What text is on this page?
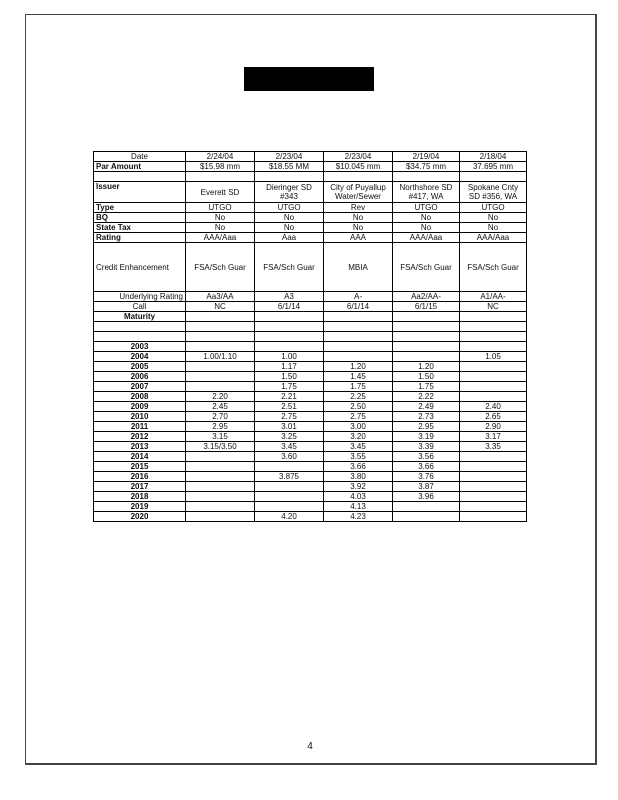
Date	2/24/04	2/23/04	2/23/04	2/19/04	2/18/04
Par Amount	$15.98 mm	$18.55 MM	$10.045 mm	$34.75 mm	37.695 mm

Issuer	Everett SD	Dieringer SD #343	City of Puyallup Water/Sewer	Northshore SD #417, WA	Spokane Cnty SD #356, WA
Type	UTGO	UTGO	Rev	UTGO	UTGO
BQ	No	No	No	No	No
State Tax	No	No	No	No	No
Rating	AAA/Aaa	Aaa	AAA	AAA/Aaa	AAA/Aaa
Credit Enhancement	FSA/Sch Guar	FSA/Sch Guar	MBIA	FSA/Sch Guar	FSA/Sch Guar
Underlying Rating	Aa3/AA	A3	A-	Aa2/AA-	A1/AA-
Call	NC	6/1/14	6/1/14	6/1/15	NC
Maturity					

2003					
2004	1.00/1.10	1.00			1.05
2005		1.17	1.20	1.20	
2006		1.50	1.45	1.50	
2007		1.75	1.75	1.75	
2008	2.20	2.21	2.25	2.22	
2009	2.45	2.51	2.50	2.49	2.40
2010	2.70	2.75	2.75	2.73	2.65
2011	2.95	3.01	3.00	2.95	2.90
2012	3.15	3.25	3.20	3.19	3.17
2013	3.15/3.50	3.45	3.45	3.39	3.35
2014		3.60	3.55	3.56	
2015			3.66	3.66	
2016		3.875	3.80	3.76	
2017			3.92	3.87	
2018			4.03	3.96	
2019			4.13		
2020		4.20	4.23		
4
